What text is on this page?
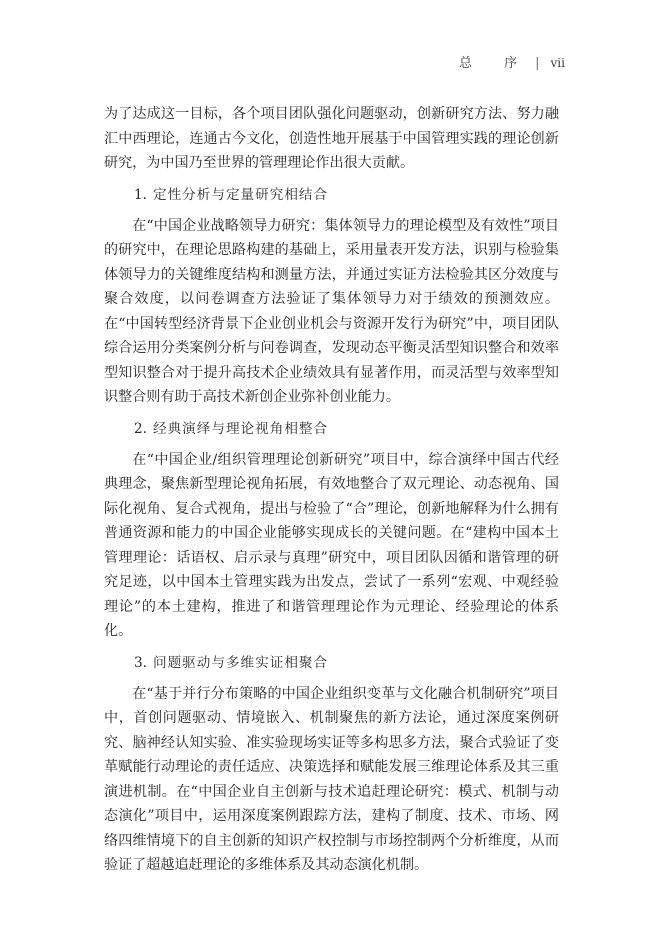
总 序 | vii

为了达成这一目标，各个项目团队强化问题驱动，创新研究方法、努力融汇中西理论，连通古今文化，创造性地开展基于中国管理实践的理论创新研究，为中国乃至世界的管理理论作出很大贡献。

1. 定性分析与定量研究相结合

在“中国企业战略领导力研究：集体领导力的理论模型及有效性”项目的研究中，在理论思路构建的基础上，采用量表开发方法，识别与检验集体领导力的关键维度结构和测量方法，并通过实证方法检验其区分效度与聚合效度，以问卷调查方法验证了集体领导力对于绩效的预测效应。在“中国转型经济背景下企业创业机会与资源开发行为研究”中，项目团队综合运用分类案例分析与问卷调查，发现动态平衡灵活型知识整合和效率型知识整合对于提升高技术企业绩效具有显著作用，而灵活型与效率型知识整合则有助于高技术新创企业弥补创业能力。

2. 经典演绎与理论视角相整合

在“中国企业/组织管理理论创新研究”项目中，综合演绎中国古代经典理念，聚焦新型理论视角拓展，有效地整合了双元理论、动态视角、国际化视角、复合式视角，提出与检验了“合”理论，创新地解释为什么拥有普通资源和能力的中国企业能够实现成长的关键问题。在“建构中国本土管理理论：话语权、启示录与真理”研究中，项目团队因循和谐管理的研究足迹，以中国本土管理实践为出发点，尝试了一系列“宏观、中观经验理论”的本土建构，推进了和谐管理理论作为元理论、经验理论的体系化。

3. 问题驱动与多维实证相聚合

在“基于并行分布策略的中国企业组织变革与文化融合机制研究”项目中，首创问题驱动、情境嵌入、机制聚焦的新方法论，通过深度案例研究、脑神经认知实验、准实验现场实证等多构思多方法，聚合式验证了变革赋能行动理论的责任适应、决策选择和赋能发展三维理论体系及其三重演进机制。在“中国企业自主创新与技术追赶理论研究：模式、机制与动态演化”项目中，运用深度案例跟踪方法，建构了制度、技术、市场、网络四维情境下的自主创新的知识产权控制与市场控制两个分析维度，从而验证了超越追赶理论的多维体系及其动态演化机制。
